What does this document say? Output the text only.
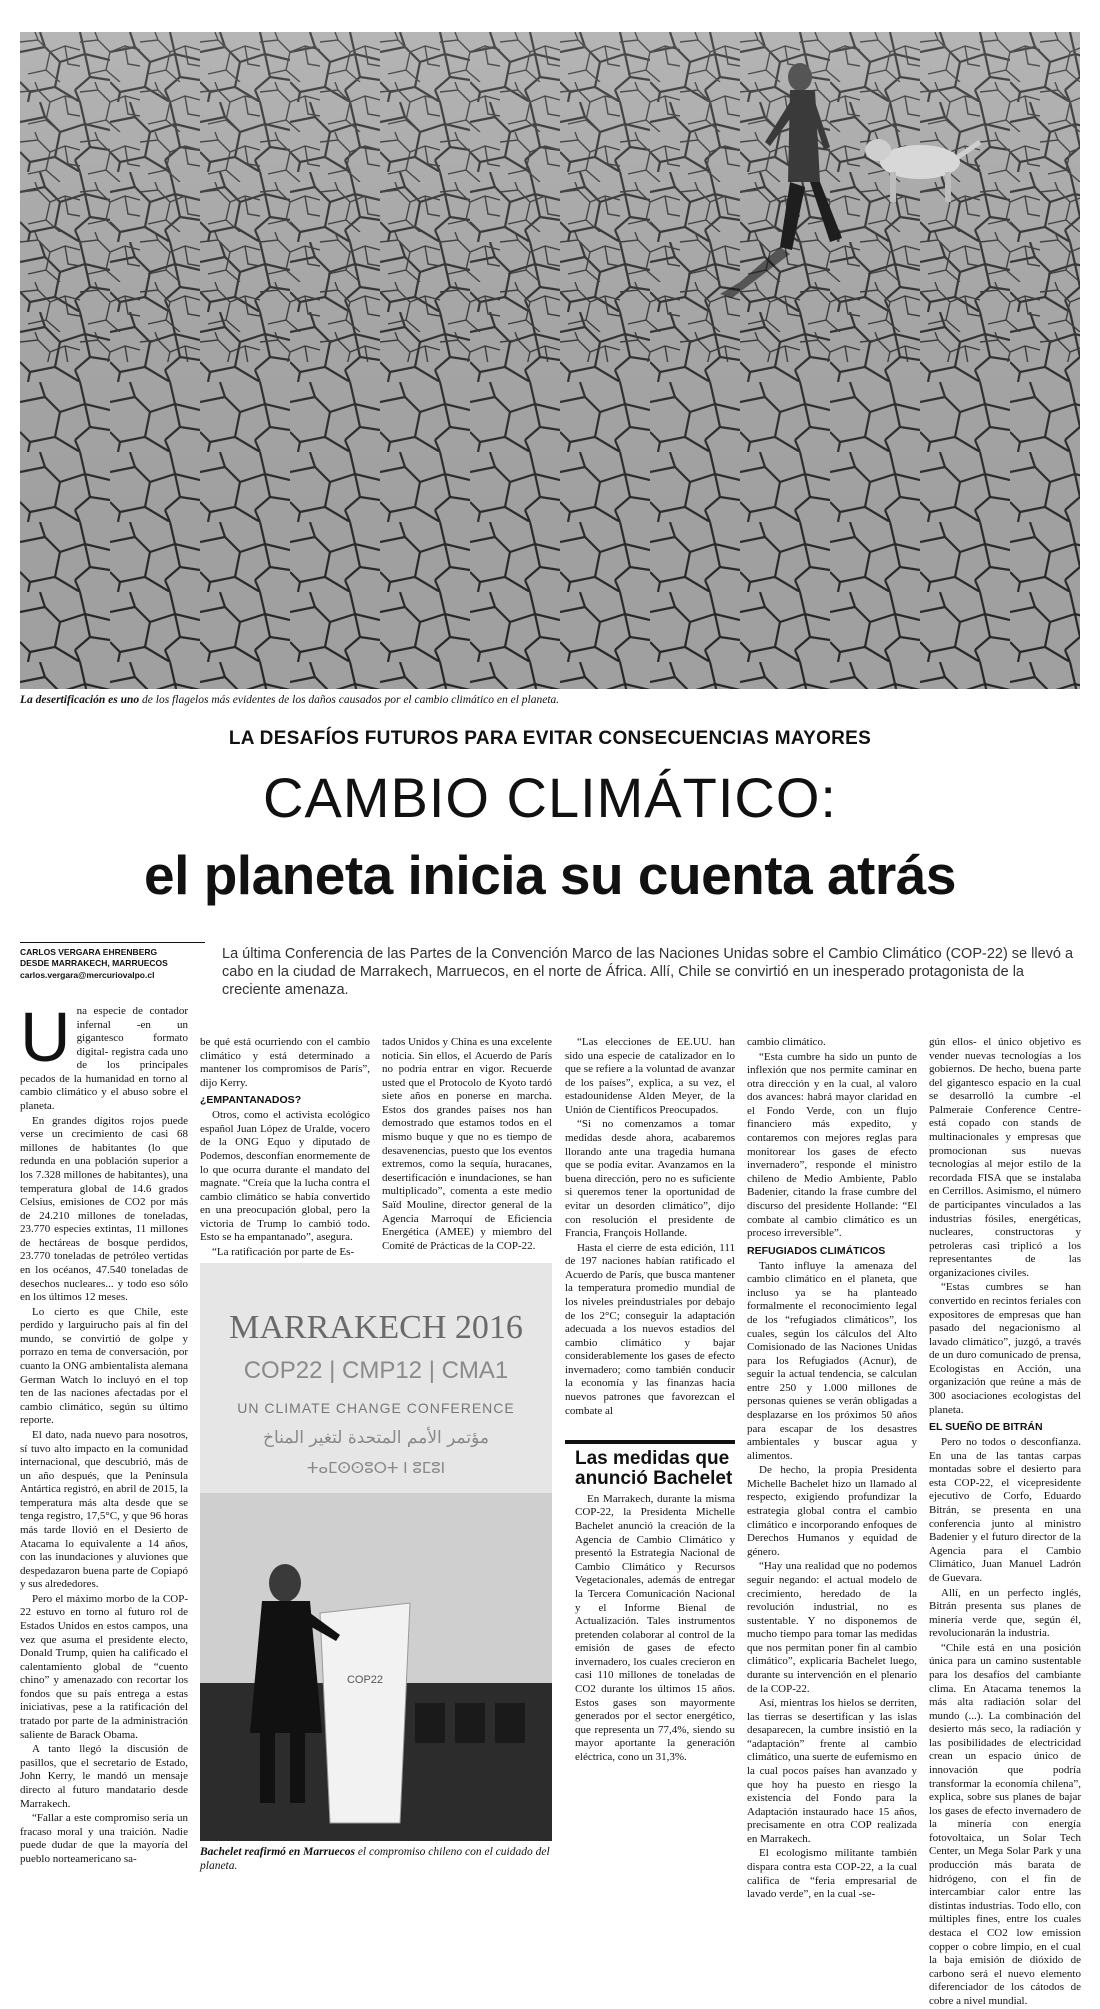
La desertificación es uno de los flagelos más evidentes de los daños causados por el cambio climático en el planeta.
LA DESAFÍOS FUTUROS PARA EVITAR CONSECUENCIAS MAYORES
CAMBIO CLIMÁTICO:
el planeta inicia su cuenta atrás
CARLOS VERGARA EHRENBERG
DESDE MARRAKECH, MARRUECOS
carlos.vergara@mercuriovalpo.cl
La última Conferencia de las Partes de la Convención Marco de las Naciones Unidas sobre el Cambio Climático (COP-22) se llevó a cabo en la ciudad de Marrakech, Marruecos, en el norte de África. Allí, Chile se convirtió en un inesperado protagonista de la creciente amenaza.

Una especie de contador infernal -en un gigantesco formato digital- registra cada uno de los principales pecados de la humanidad en torno al cambio climático y el abuso sobre el planeta.

En grandes dígitos rojos puede verse un crecimiento de casi 68 millones de habitantes (lo que redunda en una población superior a los 7.328 millones de habitantes), una temperatura global de 14.6 grados Celsius, emisiones de CO2 por más de 24.210 millones de toneladas, 23.770 especies extintas, 11 millones de hectáreas de bosque perdidos, 23.770 toneladas de petróleo vertidas en los océanos, 47.540 toneladas de desechos nucleares... y todo eso sólo en los últimos 12 meses.

Lo cierto es que Chile, este perdido y larguirucho país al fin del mundo, se convirtió de golpe y porrazo en tema de conversación, por cuanto la ONG ambientalista alemana German Watch lo incluyó en el top ten de las naciones afectadas por el cambio climático, según su último reporte.

El dato, nada nuevo para nosotros, sí tuvo alto impacto en la comunidad internacional, que descubrió, más de un año después, que la Península Antártica registró, en abril de 2015, la temperatura más alta desde que se tenga registro, 17,5°C, y que 96 horas más tarde llovió en el Desierto de Atacama lo equivalente a 14 años, con las inundaciones y aluviones que despedazaron buena parte de Copiapó y sus alrededores.

Pero el máximo morbo de la COP-22 estuvo en torno al futuro rol de Estados Unidos en estos campos, una vez que asuma el presidente electo, Donald Trump, quien ha calificado el calentamiento global de “cuento chino” y amenazado con recortar los fondos que su país entrega a estas iniciativas, pese a la ratificación del tratado por parte de la administración saliente de Barack Obama.

A tanto llegó la discusión de pasillos, que el secretario de Estado, John Kerry, le mandó un mensaje directo al futuro mandatario desde Marrakech.

“Fallar a este compromiso sería un fracaso moral y una traición. Nadie puede dudar de que la mayoría del pueblo norteamericano sa-

be qué está ocurriendo con el cambio climático y está determinado a mantener los compromisos de París”, dijo Kerry.

¿EMPANTANADOS?

Otros, como el activista ecológico español Juan López de Uralde, vocero de la ONG Equo y diputado de Podemos, desconfían enormemente de lo que ocurra durante el mandato del magnate. “Creía que la lucha contra el cambio climático se había convertido en una preocupación global, pero la victoria de Trump lo cambió todo. Esto se ha empantanado”, asegura.

“La ratificación por parte de Es-

tados Unidos y China es una excelente noticia. Sin ellos, el Acuerdo de París no podría entrar en vigor. Recuerde usted que el Protocolo de Kyoto tardó siete años en ponerse en marcha. Estos dos grandes países nos han demostrado que estamos todos en el mismo buque y que no es tiempo de desavenencias, puesto que los eventos extremos, como la sequía, huracanes, desertificación e inundaciones, se han multiplicado”, comenta a este medio Saïd Mouline, director general de la Agencia Marroquí de Eficiencia Energética (AMEE) y miembro del Comité de Prácticas de la COP-22.

MARRAKECH 2016
COP22 | CMP12 | CMA1
UN CLIMATE CHANGE CONFERENCE
مؤتمر الأمم المتحدة لتغير المناخ
ⵜⴰⵎⵙⵙⵓⵔⵜ ⵏ ⵓⵎⵓⵏ
COP22
Bachelet reafirmó en Marruecos el compromiso chileno con el cuidado del planeta.

“Las elecciones de EE.UU. han sido una especie de catalizador en lo que se refiere a la voluntad de avanzar de los países”, explica, a su vez, el estadounidense Alden Meyer, de la Unión de Científicos Preocupados.

“Si no comenzamos a tomar medidas desde ahora, acabaremos llorando ante una tragedia humana que se podía evitar. Avanzamos en la buena dirección, pero no es suficiente si queremos tener la oportunidad de evitar un desorden climático”, dijo con resolución el presidente de Francia, François Hollande.

Hasta el cierre de esta edición, 111 de 197 naciones habían ratificado el Acuerdo de París, que busca mantener la temperatura promedio mundial de los niveles preindustriales por debajo de los 2°C; conseguir la adaptación adecuada a los nuevos estadios del cambio climático y bajar considerablemente los gases de efecto invernadero; como también conducir la economía y las finanzas hacia nuevos patrones que favorezcan el combate al

Las medidas que anunció Bachelet

En Marrakech, durante la misma COP-22, la Presidenta Michelle Bachelet anunció la creación de la Agencia de Cambio Climático y presentó la Estrategia Nacional de Cambio Climático y Recursos Vegetacionales, además de entregar la Tercera Comunicación Nacional y el Informe Bienal de Actualización. Tales instrumentos pretenden colaborar al control de la emisión de gases de efecto invernadero, los cuales crecieron en casi 110 millones de toneladas de CO2 durante los últimos 15 años. Estos gases son mayormente generados por el sector energético, que representa un 77,4%, siendo su mayor aportante la generación eléctrica, cono un 31,3%.

cambio climático.

“Esta cumbre ha sido un punto de inflexión que nos permite caminar en otra dirección y en la cual, al valoro dos avances: habrá mayor claridad en el Fondo Verde, con un flujo financiero más expedito, y contaremos con mejores reglas para monitorear los gases de efecto invernadero”, responde el ministro chileno de Medio Ambiente, Pablo Badenier, citando la frase cumbre del discurso del presidente Hollande: “El combate al cambio climático es un proceso irreversible”.

REFUGIADOS CLIMÁTICOS

Tanto influye la amenaza del cambio climático en el planeta, que incluso ya se ha planteado formalmente el reconocimiento legal de los “refugiados climáticos”, los cuales, según los cálculos del Alto Comisionado de las Naciones Unidas para los Refugiados (Acnur), de seguir la actual tendencia, se calculan entre 250 y 1.000 millones de personas quienes se verán obligadas a desplazarse en los próximos 50 años para escapar de los desastres ambientales y buscar agua y alimentos.

De hecho, la propia Presidenta Michelle Bachelet hizo un llamado al respecto, exigiendo profundizar la estrategia global contra el cambio climático e incorporando enfoques de Derechos Humanos y equidad de género.

“Hay una realidad que no podemos seguir negando: el actual modelo de crecimiento, heredado de la revolución industrial, no es sustentable. Y no disponemos de mucho tiempo para tomar las medidas que nos permitan poner fin al cambio climático”, explicaría Bachelet luego, durante su intervención en el plenario de la COP-22.

Así, mientras los hielos se derriten, las tierras se desertifican y las islas desaparecen, la cumbre insistió en la “adaptación” frente al cambio climático, una suerte de eufemismo en la cual pocos países han avanzado y que hoy ha puesto en riesgo la existencia del Fondo para la Adaptación instaurado hace 15 años, precisamente en otra COP realizada en Marrakech.

El ecologismo militante también dispara contra esta COP-22, a la cual califica de “feria empresarial de lavado verde”, en la cual -se-

gún ellos- el único objetivo es vender nuevas tecnologías a los gobiernos. De hecho, buena parte del gigantesco espacio en la cual se desarrolló la cumbre -el Palmeraie Conference Centre- está copado con stands de multinacionales y empresas que promocionan sus nuevas tecnologías al mejor estilo de la recordada FISA que se instalaba en Cerrillos. Asimismo, el número de participantes vinculados a las industrias fósiles, energéticas, nucleares, constructoras y petroleras casi triplicó a los representantes de las organizaciones civiles.

“Estas cumbres se han convertido en recintos feriales con expositores de empresas que han pasado del negacionismo al lavado climático”, juzgó, a través de un duro comunicado de prensa, Ecologistas en Acción, una organización que reúne a más de 300 asociaciones ecologistas del planeta.

EL SUEÑO DE BITRÁN

Pero no todos o desconfianza. En una de las tantas carpas montadas sobre el desierto para esta COP-22, el vicepresidente ejecutivo de Corfo, Eduardo Bitrán, se presenta en una conferencia junto al ministro Badenier y el futuro director de la Agencia para el Cambio Climático, Juan Manuel Ladrón de Guevara.

Allí, en un perfecto inglés, Bitrán presenta sus planes de minería verde que, según él, revolucionarán la industria.

“Chile está en una posición única para un camino sustentable para los desafíos del cambiante clima. En Atacama tenemos la más alta radiación solar del mundo (...). La combinación del desierto más seco, la radiación y las posibilidades de electricidad crean un espacio único de innovación que podría transformar la economía chilena”, explica, sobre sus planes de bajar los gases de efecto invernadero de la minería con energía fotovoltaica, un Solar Tech Center, un Mega Solar Park y una producción más barata de hidrógeno, con el fin de intercambiar calor entre las distintas industrias. Todo ello, con múltiples fines, entre los cuales destaca el CO2 low emission copper o cobre limpio, en el cual la baja emisión de dióxido de carbono será el nuevo elemento diferenciador de los cátodos de cobre a nivel mundial.
